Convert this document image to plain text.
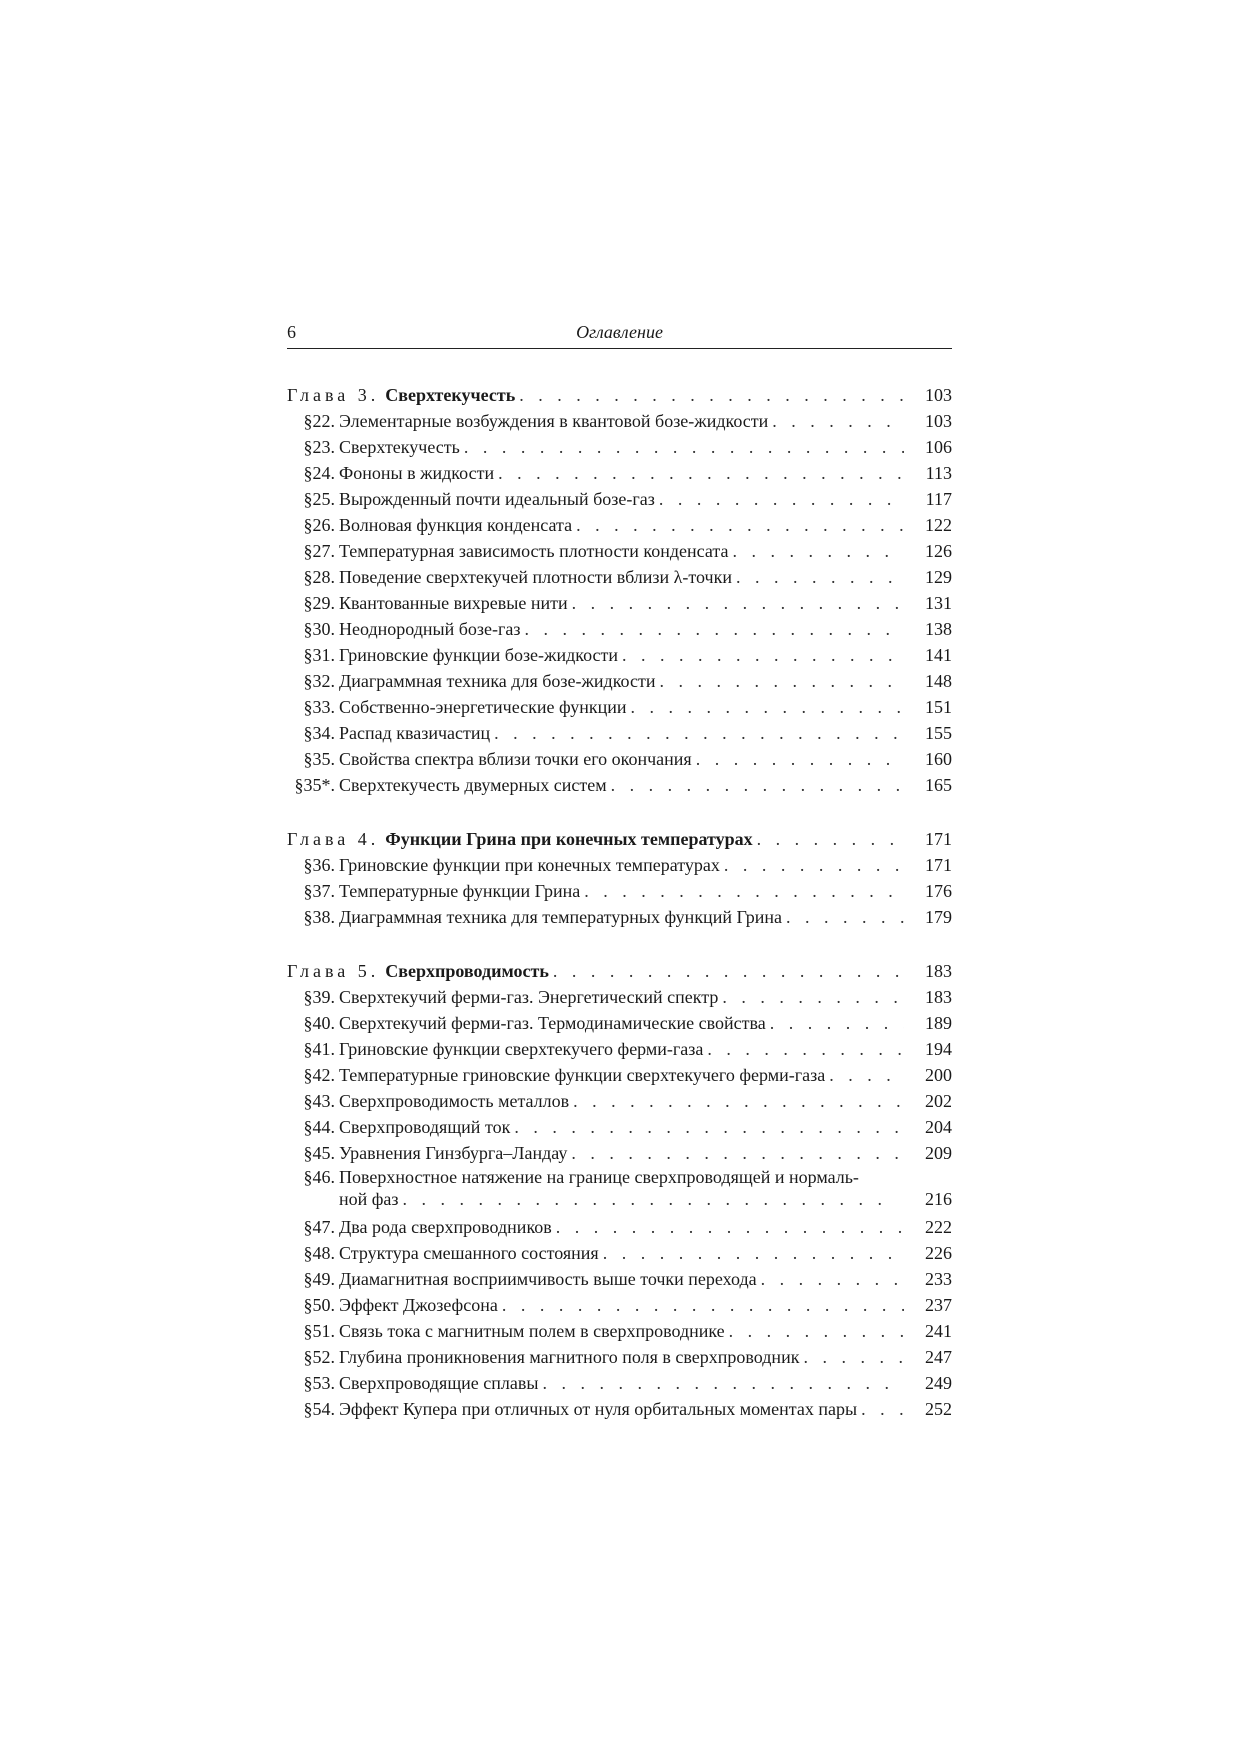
6	Оглавление
Глава 3. Сверхтекучесть . . .	103
§22. Элементарные возбуждения в квантовой бозе-жидкости . . .	103
§23. Сверхтекучесть . . .	106
§24. Фононы в жидкости . . .	113
§25. Вырожденный почти идеальный бозе-газ . . .	117
§26. Волновая функция конденсата . . .	122
§27. Температурная зависимость плотности конденсата . . .	126
§28. Поведение сверхтекучей плотности вблизи λ-точки . . .	129
§29. Квантованные вихревые нити . . .	131
§30. Неоднородный бозе-газ . . .	138
§31. Гриновские функции бозе-жидкости . . .	141
§32. Диаграммная техника для бозе-жидкости . . .	148
§33. Собственно-энергетические функции . . .	151
§34. Распад квазичастиц . . .	155
§35. Свойства спектра вблизи точки его окончания . . .	160
§35*. Сверхтекучесть двумерных систем . . .	165
Глава 4. Функции Грина при конечных температурах . . .	171
§36. Гриновские функции при конечных температурах . . .	171
§37. Температурные функции Грина . . .	176
§38. Диаграммная техника для температурных функций Грина . . .	179
Глава 5. Сверхпроводимость . . .	183
§39. Сверхтекучий ферми-газ. Энергетический спектр . . .	183
§40. Сверхтекучий ферми-газ. Термодинамические свойства . . .	189
§41. Гриновские функции сверхтекучего ферми-газа . . .	194
§42. Температурные гриновские функции сверхтекучего ферми-газа . . .	200
§43. Сверхпроводимость металлов . . .	202
§44. Сверхпроводящий ток . . .	204
§45. Уравнения Гинзбурга–Ландау . . .	209
§46. Поверхностное натяжение на границе сверхпроводящей и нормаль-
ной фаз . . .	216
§47. Два рода сверхпроводников . . .	222
§48. Структура смешанного состояния . . .	226
§49. Диамагнитная восприимчивость выше точки перехода . . .	233
§50. Эффект Джозефсона . . .	237
§51. Связь тока с магнитным полем в сверхпроводнике . . .	241
§52. Глубина проникновения магнитного поля в сверхпроводник . . .	247
§53. Сверхпроводящие сплавы . . .	249
§54. Эффект Купера при отличных от нуля орбитальных моментах пары . . .	252
